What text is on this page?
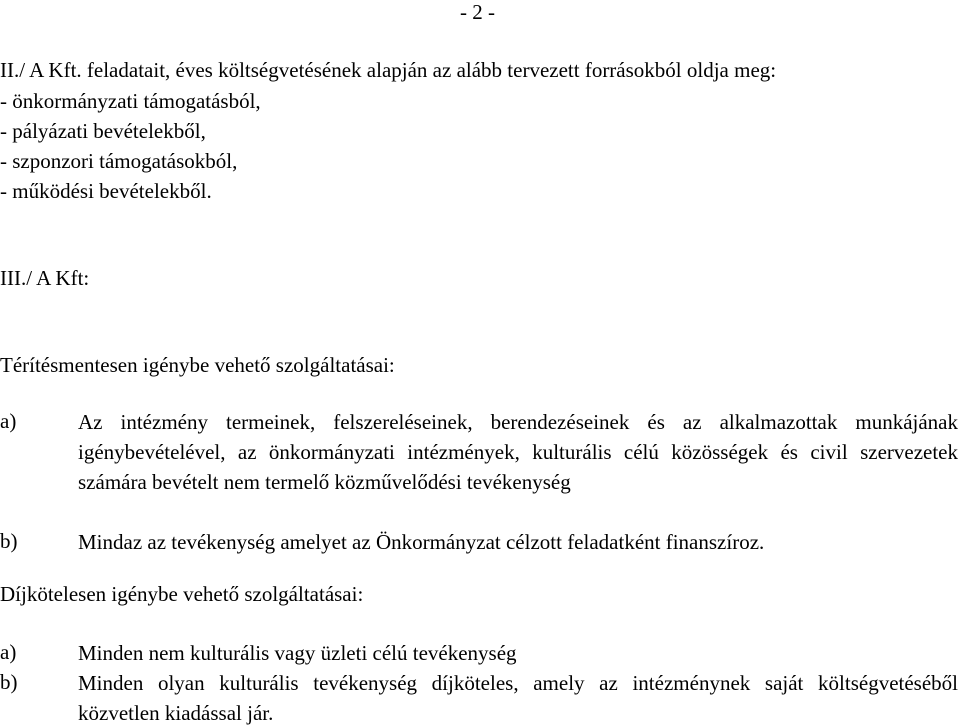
- 2 -
II./ A Kft. feladatait, éves költségvetésének alapján az alább tervezett forrásokból oldja meg:
- önkormányzati támogatásból,
- pályázati bevételekből,
- szponzori támogatásokból,
- működési bevételekből.
III./ A Kft:
Térítésmentesen igénybe vehető szolgáltatásai:
a)	Az intézmény termeinek, felszereléseinek, berendezéseinek és az alkalmazottak munkájának igénybevételével, az önkormányzati intézmények, kulturális célú közösségek és civil szervezetek számára bevételt nem termelő közművelődési tevékenység
b)	Mindaz az tevékenység amelyet az Önkormányzat célzott feladatként finanszíroz.
Díjkötelesen igénybe vehető szolgáltatásai:
a)	Minden nem kulturális vagy üzleti célú tevékenység
b)	Minden olyan kulturális tevékenység díjköteles, amely az intézménynek saját költségvetéséből közvetlen kiadással jár.
